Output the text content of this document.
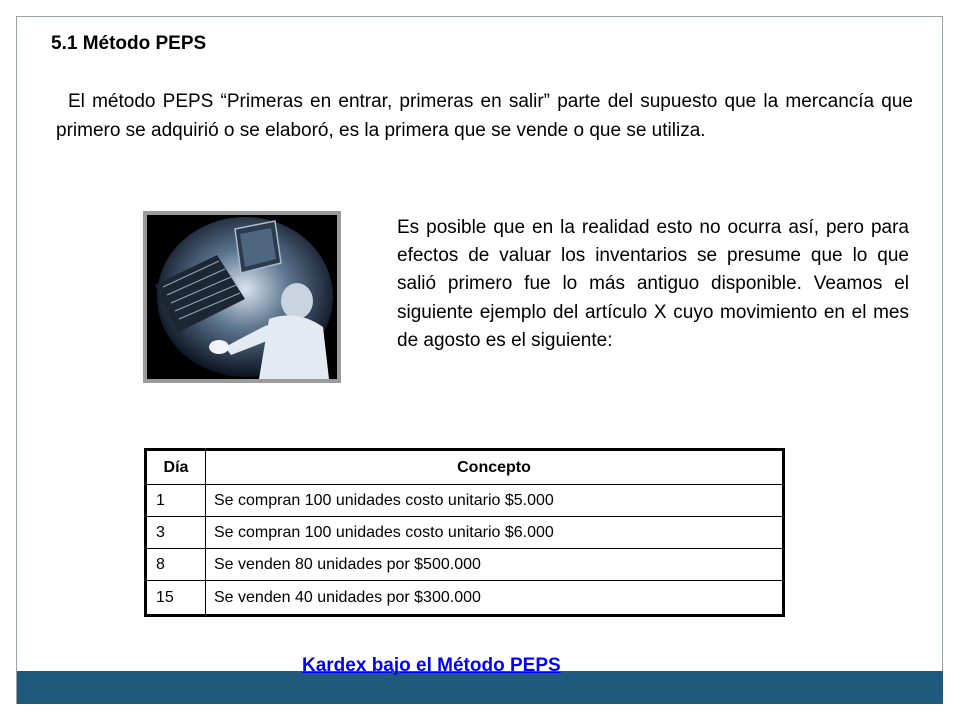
5.1 Método PEPS

El método PEPS “Primeras en entrar, primeras en salir” parte del supuesto que la mercancía que primero se adquirió o se elaboró, es la primera que se vende o que se utiliza.

Es posible que en la realidad esto no ocurra así, pero para efectos de valuar los inventarios se presume que lo que salió primero fue lo más antiguo disponible. Veamos el siguiente ejemplo del artículo X cuyo movimiento en el mes de agosto es el siguiente:

Día	Concepto
1	Se compran 100 unidades costo unitario $5.000
3	Se compran 100 unidades costo unitario $6.000
8	Se venden 80 unidades por $500.000
15	Se venden 40 unidades por $300.000
Kardex bajo el Método PEPS
